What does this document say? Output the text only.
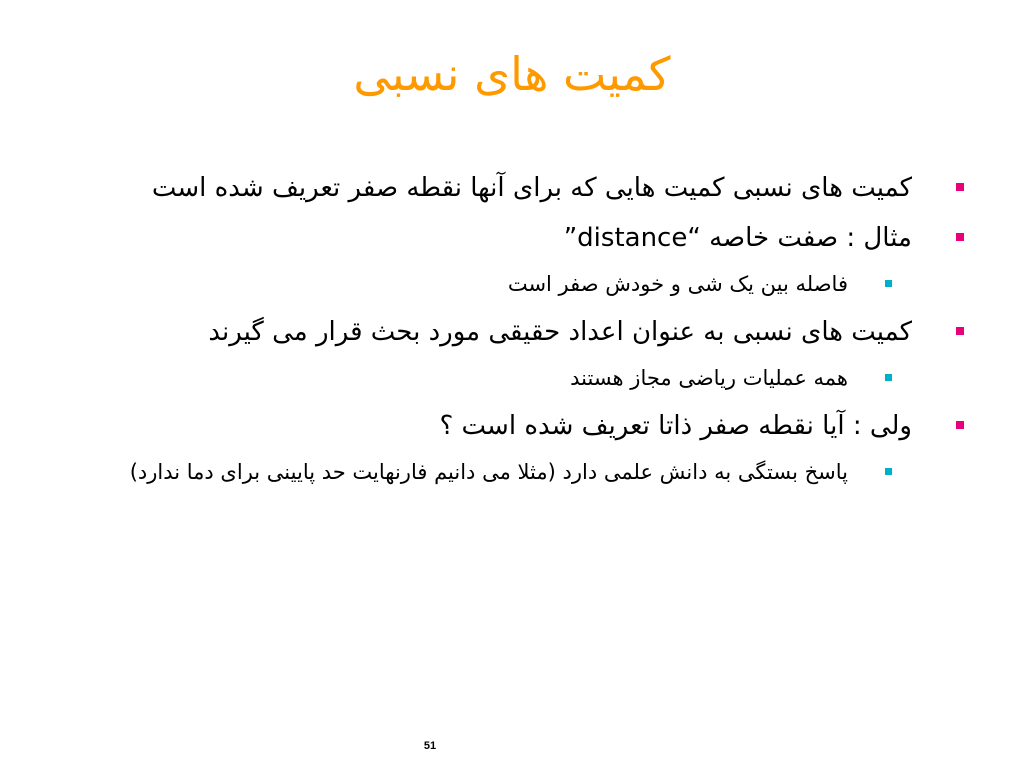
کمیت های نسبی
کمیت های نسبی کمیت هایی که برای آنها نقطه صفر تعریف شده است
مثال : صفت خاصه “distance”
فاصله بین یک شی و خودش صفر است
کمیت های نسبی به عنوان اعداد حقیقی مورد بحث قرار می گیرند
همه عملیات ریاضی مجاز هستند
ولی : آیا نقطه صفر ذاتا تعریف شده است ؟
پاسخ بستگی به دانش علمی دارد (مثلا می دانیم فارنهایت حد پایینی برای دما ندارد)
51
